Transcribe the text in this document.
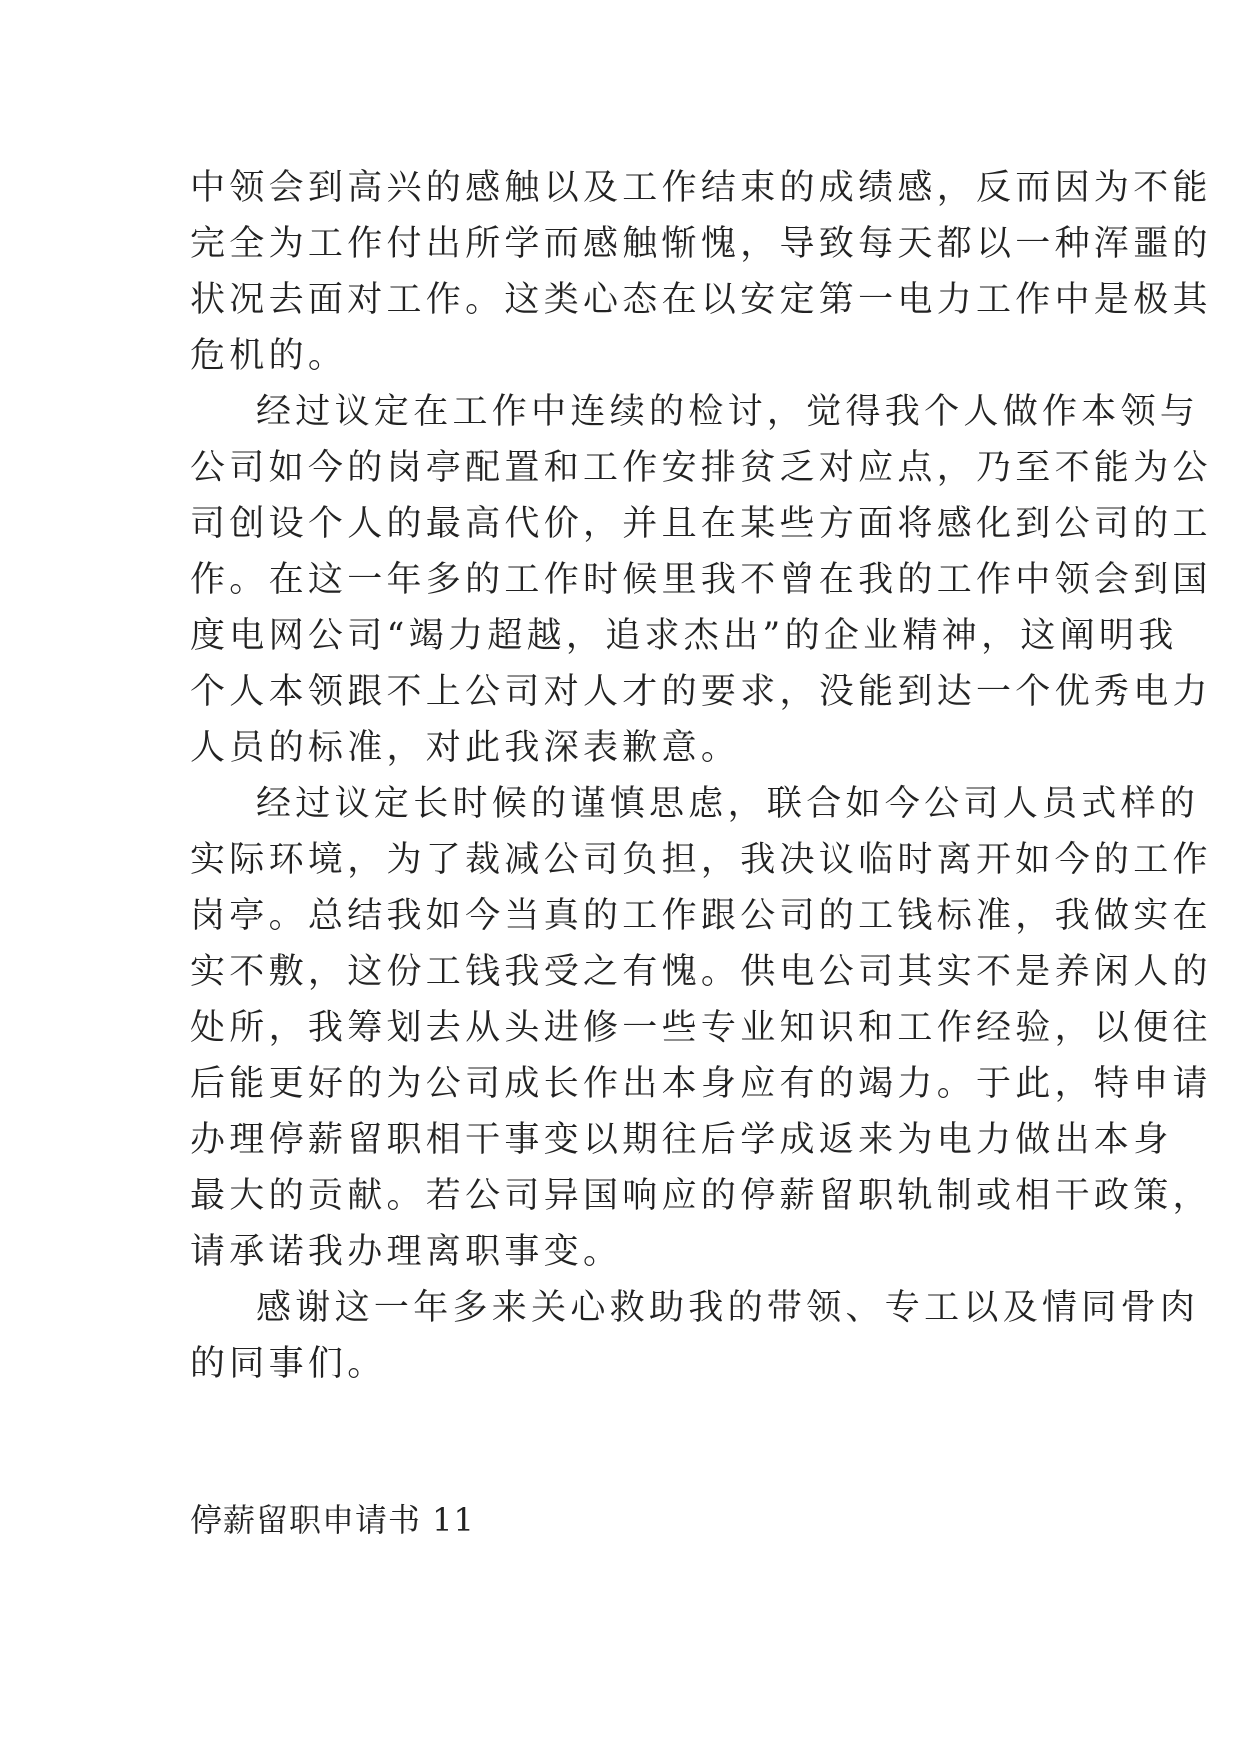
中领会到高兴的感触以及工作结束的成绩感，反而因为不能
完全为工作付出所学而感触惭愧，导致每天都以一种浑噩的
状况去面对工作。这类心态在以安定第一电力工作中是极其
危机的。
经过议定在工作中连续的检讨，觉得我个人做作本领与
公司如今的岗亭配置和工作安排贫乏对应点，乃至不能为公
司创设个人的最高代价，并且在某些方面将感化到公司的工
作。在这一年多的工作时候里我不曾在我的工作中领会到国
度电网公司“竭力超越，追求杰出”的企业精神，这阐明我
个人本领跟不上公司对人才的要求，没能到达一个优秀电力
人员的标准，对此我深表歉意。
经过议定长时候的谨慎思虑，联合如今公司人员式样的
实际环境，为了裁减公司负担，我决议临时离开如今的工作
岗亭。总结我如今当真的工作跟公司的工钱标准，我做实在
实不敷，这份工钱我受之有愧。供电公司其实不是养闲人的
处所，我筹划去从头进修一些专业知识和工作经验，以便往
后能更好的为公司成长作出本身应有的竭力。于此，特申请
办理停薪留职相干事变以期往后学成返来为电力做出本身
最大的贡献。若公司异国响应的停薪留职轨制或相干政策，
请承诺我办理离职事变。
感谢这一年多来关心救助我的带领、专工以及情同骨肉
的同事们。
停薪留职申请书 11
